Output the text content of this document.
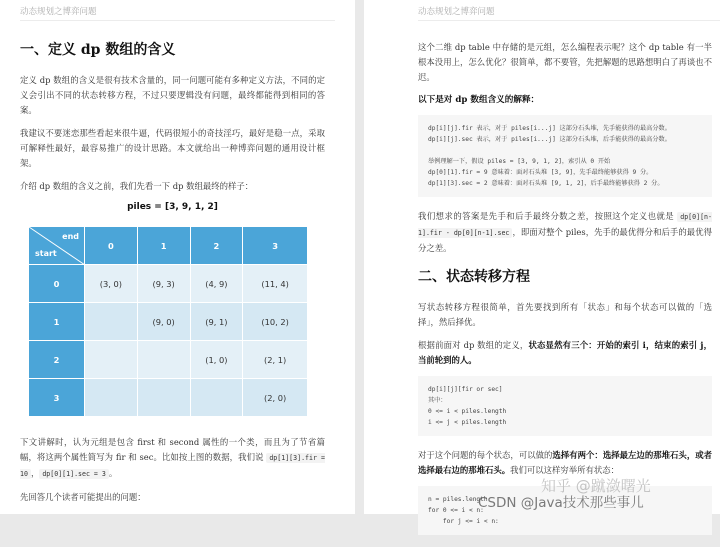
动态规划之博弈问题
一、定义 dp 数组的含义

定义 dp 数组的含义是很有技术含量的，同一问题可能有多种定义方法，不同的定义会引出不同的状态转移方程，不过只要逻辑没有问题，最终都能得到相同的答案。

我建议不要迷恋那些看起来很牛逼，代码很短小的奇技淫巧，最好是稳一点，采取可解释性最好，最容易推广的设计思路。本文就给出一种博弈问题的通用设计框架。

介绍 dp 数组的含义之前，我们先看一下 dp 数组最终的样子：

piles = [3, 9, 1, 2]
end
start	0	1	2	3
0	(3, 0)	(9, 3)	(4, 9)	(11, 4)
1		(9, 0)	(9, 1)	(10, 2)
2			(1, 0)	(2, 1)
3				(2, 0)

下文讲解时，认为元组是包含 first 和 second 属性的一个类，而且为了节省篇幅，将这两个属性简写为 fir 和 sec。比如按上图的数据，我们说 dp[1][3].fir = 10 ， dp[0][1].sec = 3 。

先回答几个读者可能提出的问题：

动态规划之博弈问题

这个二维 dp table 中存储的是元组，怎么编程表示呢？这个 dp table 有一半根本没用上，怎么优化？很简单，都不要管，先把解题的思路想明白了再谈也不迟。

以下是对 dp 数组含义的解释：
dp[i][j].fir 表示，对于 piles[i...j] 这部分石头堆，先手能获得的最高分数。
dp[i][j].sec 表示，对于 piles[i...j] 这部分石头堆，后手能获得的最高分数。

举例理解一下，假设 piles = [3, 9, 1, 2]，索引从 0 开始
dp[0][1].fir = 9 意味着：面对石头堆 [3, 9]，先手最终能够获得 9 分。
dp[1][3].sec = 2 意味着：面对石头堆 [9, 1, 2]，后手最终能够获得 2 分。

我们想求的答案是先手和后手最终分数之差，按照这个定义也就是 dp[0][n-1].fir - dp[0][n-1].sec ，即面对整个 piles，先手的最优得分和后手的最优得分之差。

二、状态转移方程

写状态转移方程很简单，首先要找到所有「状态」和每个状态可以做的「选择」，然后择优。

根据前面对 dp 数组的定义，状态显然有三个：开始的索引 i，结束的索引 j，当前轮到的人。

dp[i][j][fir or sec]
其中：
0 <= i < piles.length
i <= j < piles.length

对于这个问题的每个状态，可以做的选择有两个：选择最左边的那堆石头，或者选择最右边的那堆石头。我们可以这样穷举所有状态：

n = piles.length
for 0 <= i < n:
for j <= i < n:
知乎 @蹴潋曙光
CSDN @Java技术那些事儿
